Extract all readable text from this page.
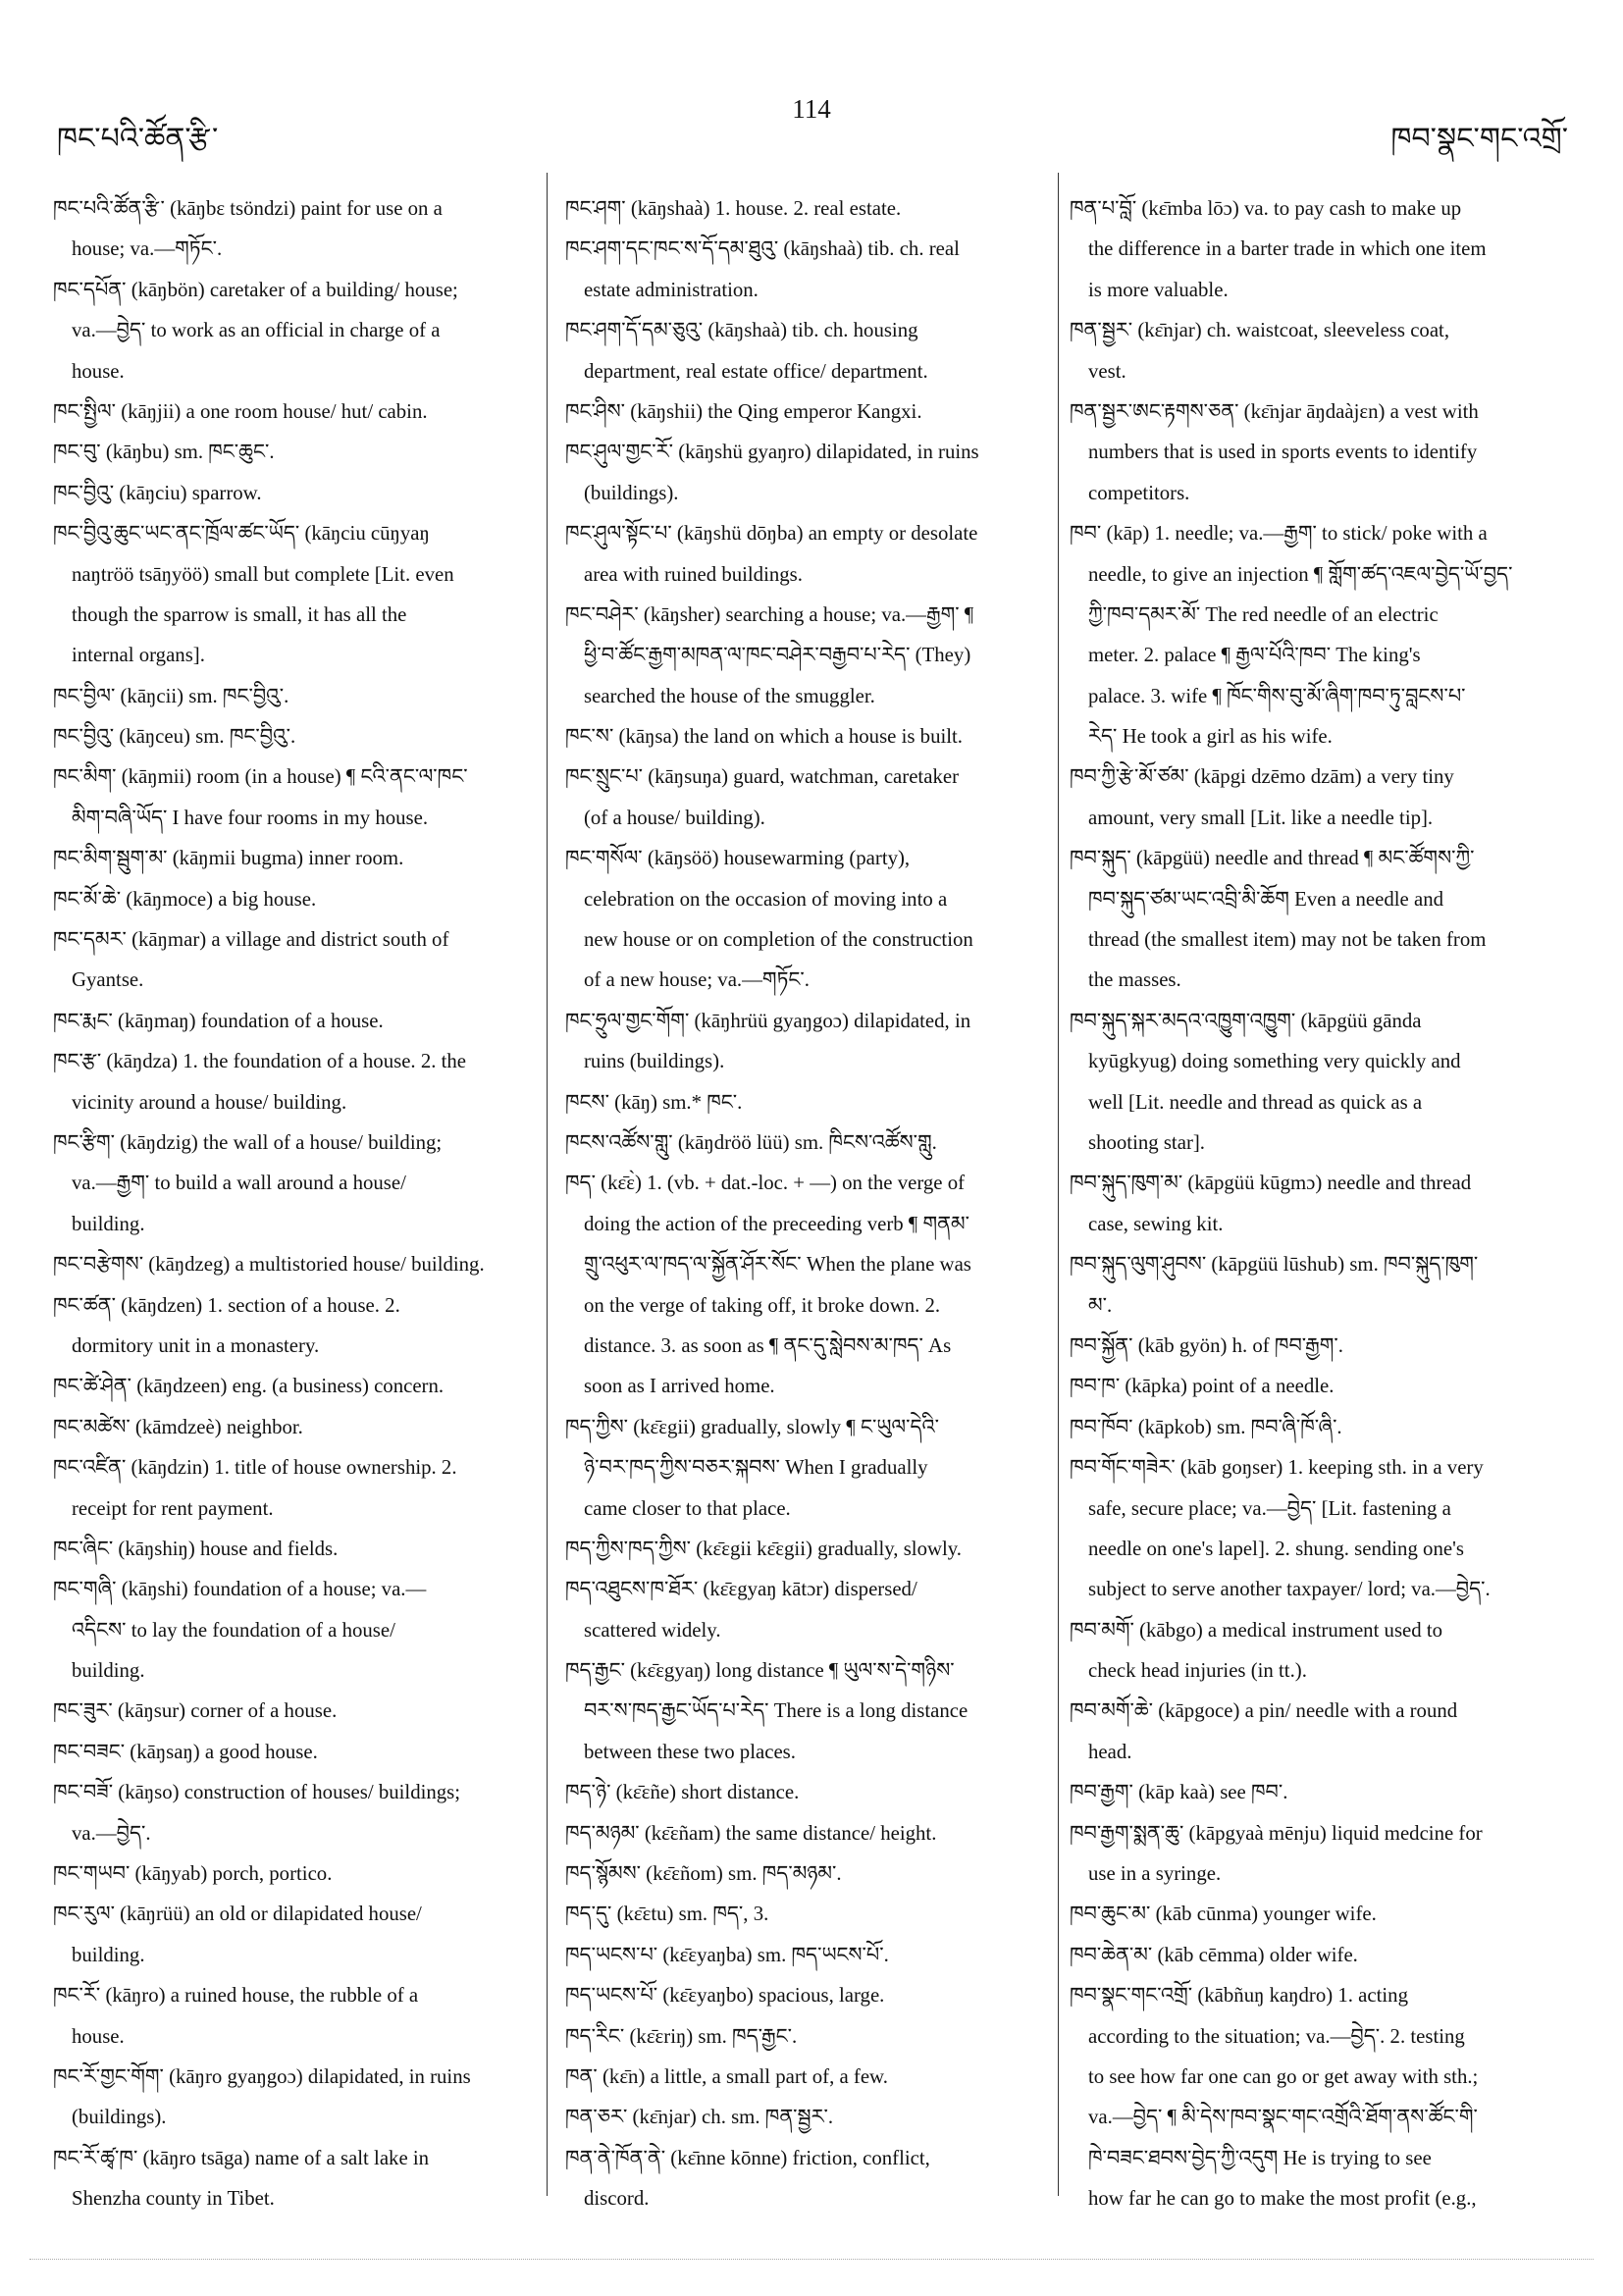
ཁང་པའི་ཚོན་རྩི་
114
ཁབ་སྣང་གང་འགྲོ་
ཁང་པའི་ཚོན་རྩི་ (kāŋbɛ tsöndzi) paint for use on a
house; va.—གཏོང་.
ཁང་དཔོན་ (kāŋbön) caretaker of a building/ house;
va.—བྱེད་ to work as an official in charge of a
house.
ཁང་སྤྱིལ་ (kāŋjii) a one room house/ hut/ cabin.
ཁང་བུ་ (kāŋbu) sm. ཁང་ཆུང་.
ཁང་བྱིའུ་ (kāŋciu) sparrow.
ཁང་བྱིའུ་ཆུང་ཡང་ནང་ཁྲོལ་ཚང་ཡོད་ (kāŋciu cūŋyaŋ
naŋtröö tsāŋyöö) small but complete [Lit. even
though the sparrow is small, it has all the
internal organs].
ཁང་བྱིལ་ (kāŋcii) sm. ཁང་བྱིའུ་.
ཁང་བྱིའུ་ (kāŋceu) sm. ཁང་བྱིའུ་.
ཁང་མིག་ (kāŋmii) room (in a house) ¶ ངའི་ནང་ལ་ཁང་
མིག་བཞི་ཡོད་ I have four rooms in my house.
ཁང་མིག་སྦུག་མ་ (kāŋmii bugma) inner room.
ཁང་མོ་ཆེ་ (kāŋmoce) a big house.
ཁང་དམར་ (kāŋmar) a village and district south of
Gyantse.
ཁང་རྨང་ (kāŋmaŋ) foundation of a house.
ཁང་རྩ་ (kāŋdza) 1. the foundation of a house. 2. the
vicinity around a house/ building.
ཁང་རྩིག་ (kāŋdzig) the wall of a house/ building;
va.—རྒྱག་ to build a wall around a house/
building.
ཁང་བརྩེགས་ (kāŋdzeg) a multistoried house/ building.
ཁང་ཚན་ (kāŋdzen) 1. section of a house. 2.
dormitory unit in a monastery.
ཁང་ཚེ་ཤེན་ (kāŋdzeen) eng. (a business) concern.
ཁང་མཚེས་ (kāmdzeè) neighbor.
ཁང་འཛིན་ (kāŋdzin) 1. title of house ownership. 2.
receipt for rent payment.
ཁང་ཞིང་ (kāŋshiŋ) house and fields.
ཁང་གཞི་ (kāŋshi) foundation of a house; va.—
འདིངས་ to lay the foundation of a house/
building.
ཁང་ཟུར་ (kāŋsur) corner of a house.
ཁང་བཟང་ (kāŋsaŋ) a good house.
ཁང་བཟོ་ (kāŋso) construction of houses/ buildings;
va.—བྱེད་.
ཁང་གཡབ་ (kāŋyab) porch, portico.
ཁང་རུལ་ (kāŋrüü) an old or dilapidated house/
building.
ཁང་རོ་ (kāŋro) a ruined house, the rubble of a
house.
ཁང་རོ་གྱང་གོག་ (kāŋro gyaŋgoɔ) dilapidated, in ruins
(buildings).
ཁང་རོ་ཚྭ་ཁ་ (kāŋro tsāga) name of a salt lake in
Shenzha county in Tibet.
ཁང་ཤག་ (kāŋshaà) 1. house. 2. real estate.
ཁང་ཤག་དང་ཁང་ས་དོ་དམ་ཐུའུ་ (kāŋshaà) tib. ch. real
estate administration.
ཁང་ཤག་དོ་དམ་ཅུའུ་ (kāŋshaà) tib. ch. housing
department, real estate office/ department.
ཁང་ཤིས་ (kāŋshii) the Qing emperor Kangxi.
ཁང་ཤུལ་གྱང་རོ་ (kāŋshü gyaŋro) dilapidated, in ruins
(buildings).
ཁང་ཤུལ་སྟོང་པ་ (kāŋshü dōŋba) an empty or desolate
area with ruined buildings.
ཁང་བཤེར་ (kāŋsher) searching a house; va.—རྒྱག་ ¶
ཕྱི་བ་ཚོང་རྒྱག་མཁན་ལ་ཁང་བཤེར་བརྒྱབ་པ་རེད་ (They)
searched the house of the smuggler.
ཁང་ས་ (kāŋsa) the land on which a house is built.
ཁང་སྲུང་པ་ (kāŋsuŋa) guard, watchman, caretaker
(of a house/ building).
ཁང་གསོལ་ (kāŋsöö) housewarming (party),
celebration on the occasion of moving into a
new house or on completion of the construction
of a new house; va.—གཏོང་.
ཁང་ཧྲུལ་གྱང་གོག་ (kāŋhrüü gyaŋgoɔ) dilapidated, in
ruins (buildings).
ཁངས་ (kāŋ) sm.* ཁང་.
ཁངས་འཚོས་གླུ་ (kāŋdröö lüü) sm. ཁིངས་འཚོས་གླུ.
ཁད་ (kɛ̄ɛ̀) 1. (vb. + dat.-loc. + —) on the verge of
doing the action of the preceeding verb ¶ གནམ་
གྲུ་འཕུར་ལ་ཁད་ལ་སྐྱོན་ཤོར་སོང་ When the plane was
on the verge of taking off, it broke down. 2.
distance. 3. as soon as ¶ ནང་དུ་སླེབས་མ་ཁད་ As
soon as I arrived home.
ཁད་ཀྱིས་ (kɛ̄ɛgii) gradually, slowly ¶ ང་ཡུལ་དེའི་
ཉེ་བར་ཁད་ཀྱིས་བཅར་སྐབས་ When I gradually
came closer to that place.
ཁད་ཀྱིས་ཁད་ཀྱིས་ (kɛ̄ɛgii kɛ̄ɛgii) gradually, slowly.
ཁད་འཐུངས་ཁ་ཐོར་ (kɛ̄ɛgyaŋ kātɔr) dispersed/
scattered widely.
ཁད་རྒྱང་ (kɛ̄ɛgyaŋ) long distance ¶ ཡུལ་ས་དེ་གཉིས་
བར་ས་ཁད་རྒྱང་ཡོད་པ་རེད་ There is a long distance
between these two places.
ཁད་ཉེ་ (kɛ̄ɛñe) short distance.
ཁད་མཉམ་ (kɛ̄ɛñam) the same distance/ height.
ཁད་སྙོམས་ (kɛ̄ɛñom) sm. ཁད་མཉམ་.
ཁད་དུ་ (kɛ̄ɛtu) sm. ཁད་, 3.
ཁད་ཡངས་པ་ (kɛ̄ɛyaŋba) sm. ཁད་ཡངས་པོ་.
ཁད་ཡངས་པོ་ (kɛ̄ɛyaŋbo) spacious, large.
ཁད་རིང་ (kɛ̄ɛriŋ) sm. ཁད་རྒྱང་.
ཁན་ (kɛ̄n) a little, a small part of, a few.
ཁན་ཅར་ (kɛ̄njar) ch. sm. ཁན་སྦྱར་.
ཁན་ནེ་ཁོན་ནེ་ (kɛ̄nne kōnne) friction, conflict,
discord.
ཁན་པ་བློ་ (kɛ̄mba lōɔ) va. to pay cash to make up
the difference in a barter trade in which one item
is more valuable.
ཁན་སྦྱར་ (kɛ̄njar) ch. waistcoat, sleeveless coat,
vest.
ཁན་སྦྱར་ཨང་རྟགས་ཅན་ (kɛ̄njar āŋdaàjɛn) a vest with
numbers that is used in sports events to identify
competitors.
ཁབ་ (kāp) 1. needle; va.—རྒྱག་ to stick/ poke with a
needle, to give an injection ¶ གློག་ཚད་འཇལ་བྱེད་ཡོ་བྱད་
ཀྱི་ཁབ་དམར་མོ་ The red needle of an electric
meter. 2. palace ¶ རྒྱལ་པོའི་ཁབ་ The king's
palace. 3. wife ¶ ཁོང་གིས་བུ་མོ་ཞིག་ཁབ་ཏུ་བླངས་པ་
རེད་ He took a girl as his wife.
ཁབ་ཀྱི་རྩེ་མོ་ཙམ་ (kāpgi dzēmo dzām) a very tiny
amount, very small [Lit. like a needle tip].
ཁབ་སྐུད་ (kāpgüü) needle and thread ¶ མང་ཚོགས་ཀྱི་
ཁབ་སྐུད་ཙམ་ཡང་འབྲི་མི་ཆོག Even a needle and
thread (the smallest item) may not be taken from
the masses.
ཁབ་སྐུད་སྐར་མདའ་འཁྱུག་འཁྱུག་ (kāpgüü gānda
kyūgkyug) doing something very quickly and
well [Lit. needle and thread as quick as a
shooting star].
ཁབ་སྐུད་ཁུག་མ་ (kāpgüü kūgmɔ) needle and thread
case, sewing kit.
ཁབ་སྐུད་ལུག་ཤུབས་ (kāpgüü lūshub) sm. ཁབ་སྐུད་ཁུག་
མ་.
ཁབ་སྐྱོན་ (kāb gyön) h. of ཁབ་རྒྱག་.
ཁབ་ཁ་ (kāpka) point of a needle.
ཁབ་ཁོབ་ (kāpkob) sm. ཁབ་ཞི་ཁོ་ཞི་.
ཁབ་གོང་གཟེར་ (kāb goŋser) 1. keeping sth. in a very
safe, secure place; va.—བྱེད་ [Lit. fastening a
needle on one's lapel]. 2. shung. sending one's
subject to serve another taxpayer/ lord; va.—བྱེད་.
ཁབ་མགོ་ (kābgo) a medical instrument used to
check head injuries (in tt.).
ཁབ་མགོ་ཆེ་ (kāpgoce) a pin/ needle with a round
head.
ཁབ་རྒྱག་ (kāp kaà) see ཁབ་.
ཁབ་རྒྱག་སྨན་ཆུ་ (kāpgyaà mēnju) liquid medcine for
use in a syringe.
ཁབ་ཆུང་མ་ (kāb cūnma) younger wife.
ཁབ་ཆེན་མ་ (kāb cēmma) older wife.
ཁབ་སྣང་གང་འགྲོ་ (kābñuŋ kaŋdro) 1. acting
according to the situation; va.—བྱེད་. 2. testing
to see how far one can go or get away with sth.;
va.—བྱེད་ ¶ མི་དེས་ཁབ་སྣང་གང་འགྲོའི་ཐོག་ནས་ཚོང་གི་
ཁེ་བཟང་ཐབས་བྱེད་ཀྱི་འདུག He is trying to see
how far he can go to make the most profit (e.g.,
